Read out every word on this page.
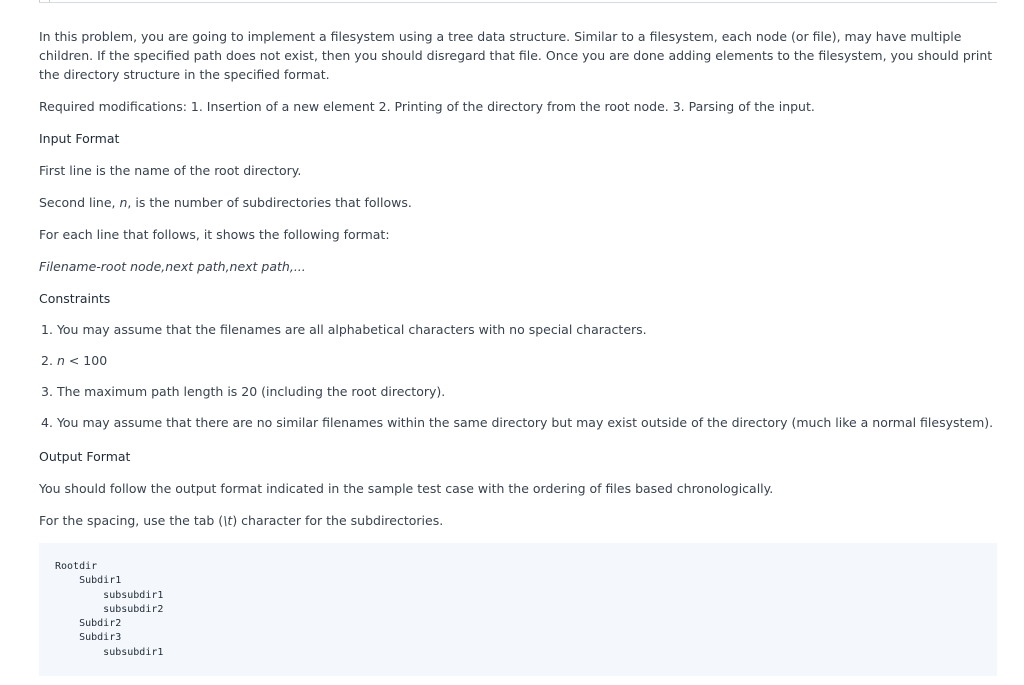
In this problem, you are going to implement a filesystem using a tree data structure. Similar to a filesystem, each node (or file), may have multiple children. If the specified path does not exist, then you should disregard that file. Once you are done adding elements to the filesystem, you should print the directory structure in the specified format.

Required modifications: 1. Insertion of a new element 2. Printing of the directory from the root node. 3. Parsing of the input.

Input Format

First line is the name of the root directory.

Second line, n, is the number of subdirectories that follows.

For each line that follows, it shows the following format:

Filename-root node,next path,next path,...

Constraints
1. You may assume that the filenames are all alphabetical characters with no special characters.
2. n < 100
3. The maximum path length is 20 (including the root directory).
4. You may assume that there are no similar filenames within the same directory but may exist outside of the directory (much like a normal filesystem).
Output Format

You should follow the output format indicated in the sample test case with the ordering of files based chronologically.

For the spacing, use the tab (\t) character for the subdirectories.

Rootdir
	Subdir1
		subsubdir1
		subsubdir2
	Subdir2
	Subdir3
		subsubdir1
